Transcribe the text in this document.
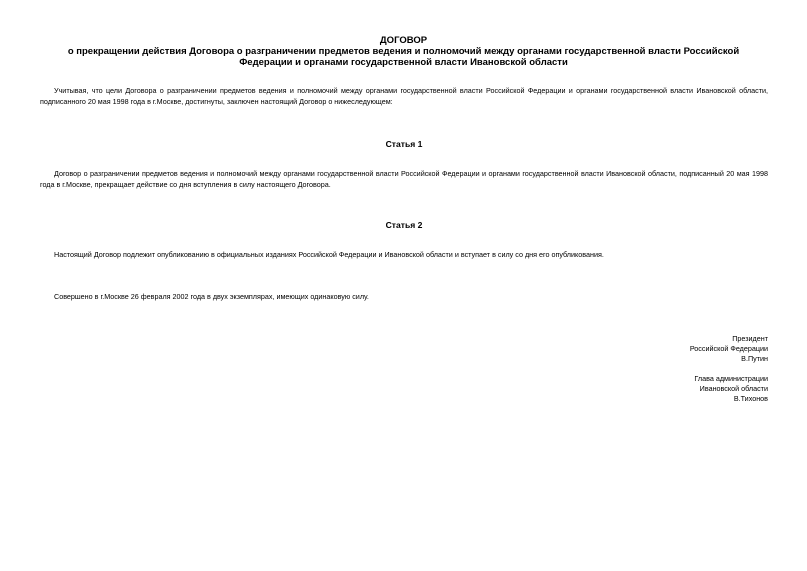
ДОГОВОР
о прекращении действия Договора о разграничении предметов ведения и полномочий между органами государственной власти Российской Федерации и органами государственной власти Ивановской области
Учитывая, что цели Договора о разграничении предметов ведения и полномочий между органами государственной власти Российской Федерации и органами государственной власти Ивановской области, подписанного 20 мая 1998 года в г.Москве, достигнуты, заключен настоящий Договор о нижеследующем:
Статья 1
Договор о разграничении предметов ведения и полномочий между органами государственной власти Российской Федерации и органами государственной власти Ивановской области, подписанный 20 мая 1998 года в г.Москве, прекращает действие со дня вступления в силу настоящего Договора.
Статья 2
Настоящий Договор подлежит опубликованию в официальных изданиях Российской Федерации и Ивановской области и вступает в силу со дня его опубликования.
Совершено в г.Москве 26 февраля 2002 года в двух экземплярах, имеющих одинаковую силу.
Президент
Российской Федерации
В.Путин
Глава администрации
Ивановской области
В.Тихонов
